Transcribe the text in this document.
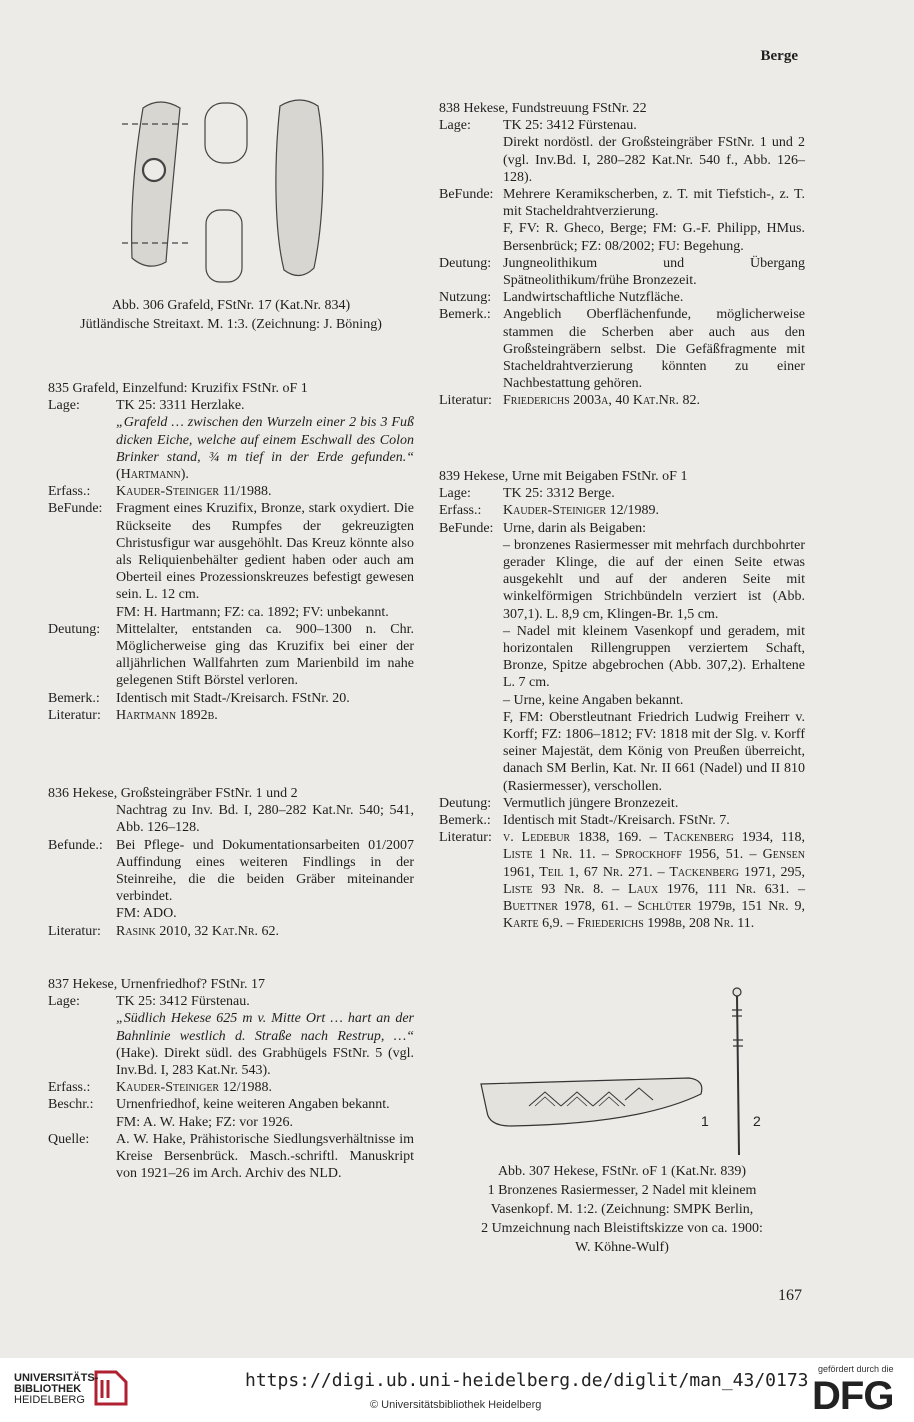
Berge
Abb. 306 Grafeld, FStNr. 17 (Kat.Nr. 834)
Jütländische Streitaxt. M. 1:3. (Zeichnung: J. Böning)
835 Grafeld, Einzelfund: Kruzifix FStNr. oF 1
Lage:	TK 25: 3311 Herzlake.
„Grafeld … zwischen den Wurzeln einer 2 bis 3 Fuß dicken Eiche, welche auf einem Eschwall des Colon Brinker stand, ¾ m tief in der Erde gefunden.“ (Hartmann).
Erfass.:	Kauder-Steiniger 11/1988.
BeFunde: Fragment eines Kruzifix, Bronze, stark oxydiert. Die Rückseite des Rumpfes der gekreuzigten Christusfigur war ausgehöhlt. Das Kreuz könnte also als Reliquienbehälter gedient haben oder auch am Oberteil eines Prozessionskreuzes befestigt gewesen sein. L. 12 cm.
FM: H. Hartmann; FZ: ca. 1892; FV: unbekannt.
Deutung:	Mittelalter, entstanden ca. 900–1300 n. Chr. Möglicherweise ging das Kruzifix bei einer der alljährlichen Wallfahrten zum Marienbild im nahe gelegenen Stift Börstel verloren.
Bemerk.:	Identisch mit Stadt-/Kreisarch. FStNr. 20.
Literatur:	Hartmann 1892b.
836 Hekese, Großsteingräber FStNr. 1 und 2
Nachtrag zu Inv. Bd. I, 280–282 Kat.Nr. 540; 541, Abb. 126–128.
Befunde.: Bei Pflege- und Dokumentationsarbeiten 01/2007 Auffindung eines weiteren Findlings in der Steinreihe, die die beiden Gräber miteinander verbindet.
FM: ADO.
Literatur:	Rasink 2010, 32 Kat.Nr. 62.
837 Hekese, Urnenfriedhof? FStNr. 17
Lage:	TK 25: 3412 Fürstenau.
„Südlich Hekese 625 m v. Mitte Ort … hart an der Bahnlinie westlich d. Straße nach Restrup, …“ (Hake). Direkt südl. des Grabhügels FStNr. 5 (vgl. Inv.Bd. I, 283 Kat.Nr. 543).
Erfass.:	Kauder-Steiniger 12/1988.
Beschr.:	Urnenfriedhof, keine weiteren Angaben bekannt.
FM: A. W. Hake; FZ: vor 1926.
Quelle:	A. W. Hake, Prähistorische Siedlungsverhältnisse im Kreise Bersenbrück. Masch.-schriftl. Manuskript von 1921–26 im Arch. Archiv des NLD.
838 Hekese, Fundstreuung FStNr. 22
Lage:	TK 25: 3412 Fürstenau.
Direkt nordöstl. der Großsteingräber FStNr. 1 und 2 (vgl. Inv.Bd. I, 280–282 Kat.Nr. 540 f., Abb. 126–128).
BeFunde: Mehrere Keramikscherben, z. T. mit Tiefstich-, z. T. mit Stacheldrahtverzierung.
F, FV: R. Gheco, Berge; FM: G.-F. Philipp, HMus. Bersenbrück; FZ: 08/2002; FU: Begehung.
Deutung: Jungneolithikum und Übergang Spätneolithikum/frühe Bronzezeit.
Nutzung: Landwirtschaftliche Nutzfläche.
Bemerk.: Angeblich Oberflächenfunde, möglicherweise stammen die Scherben aber auch aus den Großsteingräbern selbst. Die Gefäßfragmente mit Stacheldrahtverzierung könnten zu einer Nachbestattung gehören.
Literatur: Friederichs 2003a, 40 Kat.Nr. 82.
839 Hekese, Urne mit Beigaben FStNr. oF 1
Lage:	TK 25: 3312 Berge.
Erfass.:	Kauder-Steiniger 12/1989.
BeFunde: Urne, darin als Beigaben:
– bronzenes Rasiermesser mit mehrfach durchbohrter gerader Klinge, die auf der einen Seite etwas ausgekehlt und auf der anderen Seite mit winkelförmigen Strichbündeln verziert ist (Abb. 307,1). L. 8,9 cm, Klingen-Br. 1,5 cm.
– Nadel mit kleinem Vasenkopf und geradem, mit horizontalen Rillengruppen verziertem Schaft, Bronze, Spitze abgebrochen (Abb. 307,2). Erhaltene L. 7 cm.
– Urne, keine Angaben bekannt.
F, FM: Oberstleutnant Friedrich Ludwig Freiherr v. Korff; FZ: 1806–1812; FV: 1818 mit der Slg. v. Korff seiner Majestät, dem König von Preußen überreicht, danach SM Berlin, Kat. Nr. II 661 (Nadel) und II 810 (Rasiermesser), verschollen.
Deutung: Vermutlich jüngere Bronzezeit.
Bemerk.: Identisch mit Stadt-/Kreisarch. FStNr. 7.
Literatur: v. Ledebur 1838, 169. – Tackenberg 1934, 118, Liste 1 Nr. 11. – Sprockhoff 1956, 51. – Gensen 1961, Teil 1, 67 Nr. 271. – Tackenberg 1971, 295, Liste 93 Nr. 8. – Laux 1976, 111 Nr. 631. – Buettner 1978, 61. – Schlüter 1979b, 151 Nr. 9, Karte 6,9. – Friederichs 1998b, 208 Nr. 11.
1	2
Abb. 307 Hekese, FStNr. oF 1 (Kat.Nr. 839)
1 Bronzenes Rasiermesser, 2 Nadel mit kleinem
Vasenkopf. M. 1:2. (Zeichnung: SMPK Berlin,
2 Umzeichnung nach Bleistiftskizze von ca. 1900:
W. Köhne-Wulf)
167
UNIVERSITÄTS-
BIBLIOTHEK
HEIDELBERG
https://digi.ub.uni-heidelberg.de/diglit/man_43/0173
© Universitätsbibliothek Heidelberg
gefördert durch die
DFG
